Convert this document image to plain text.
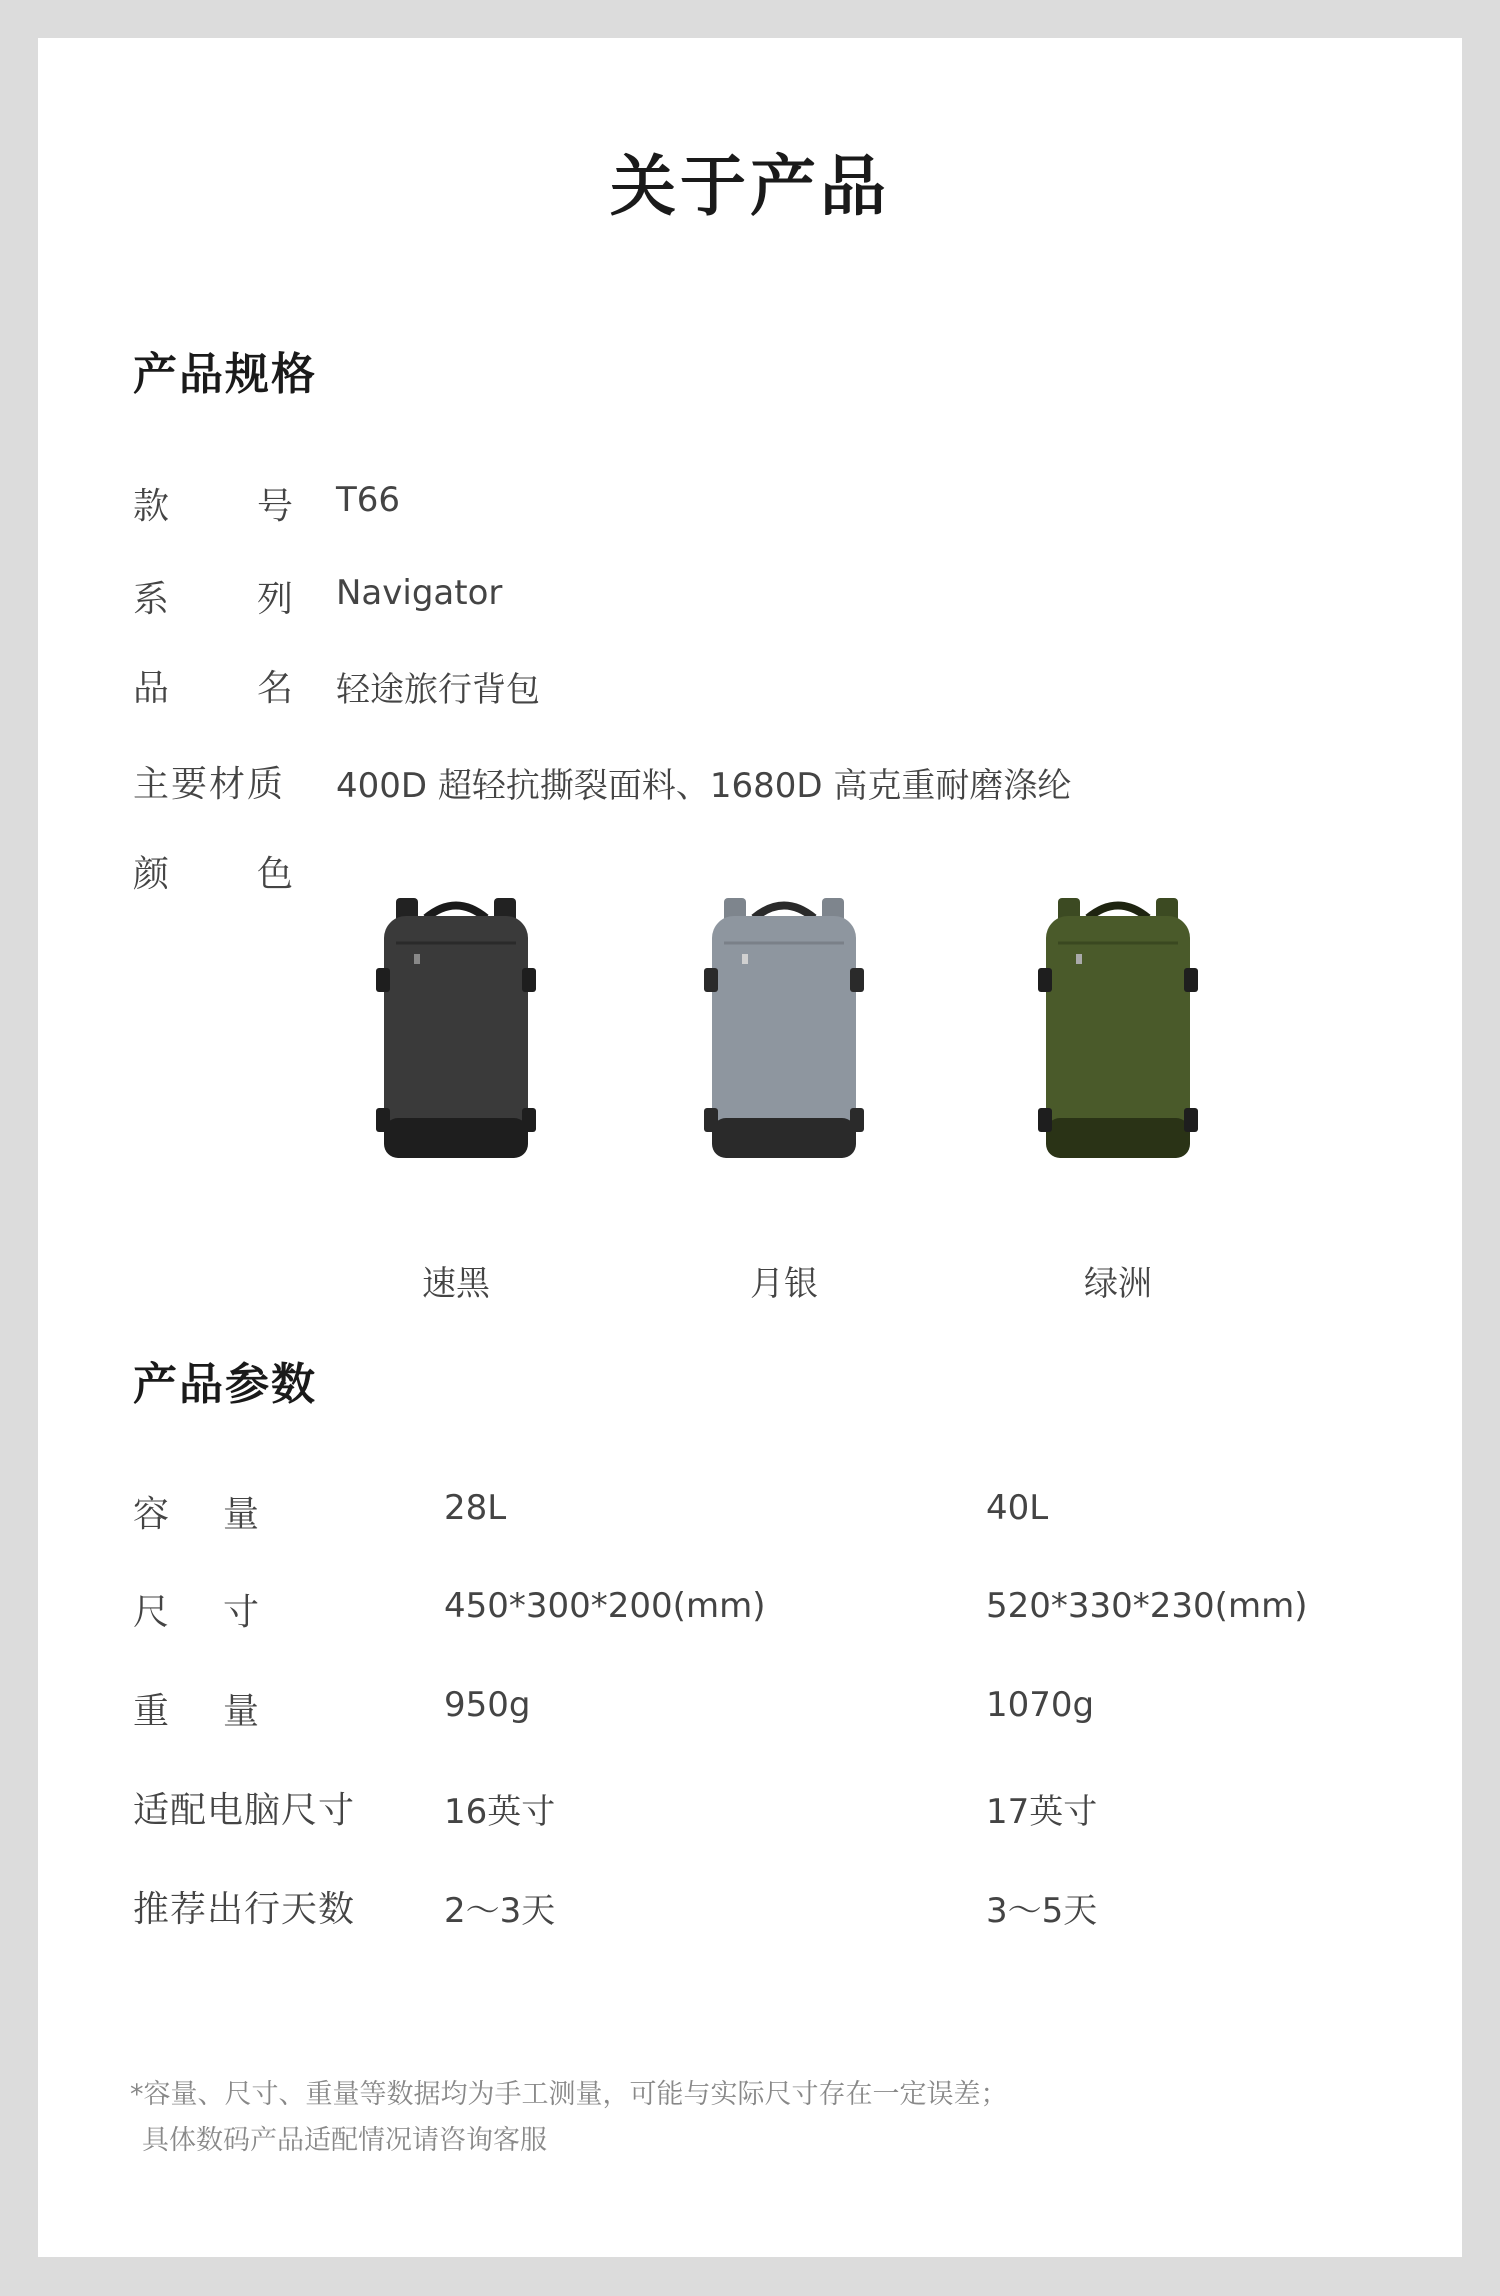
关于产品
产品规格
款 号 T66
系 列 Navigator
品 名 轻途旅行背包
主要材质 400D 超轻抗撕裂面料、1680D 高克重耐磨涤纶
颜 色
速黑	月银	绿洲
产品参数
容 量	28L	40L
尺 寸	450*300*200(mm)	520*330*230(mm)
重 量	950g	1070g
适配电脑尺寸	16英寸	17英寸
推荐出行天数	2～3天	3～5天
*容量、尺寸、重量等数据均为手工测量，可能与实际尺寸存在一定误差；
具体数码产品适配情况请咨询客服
